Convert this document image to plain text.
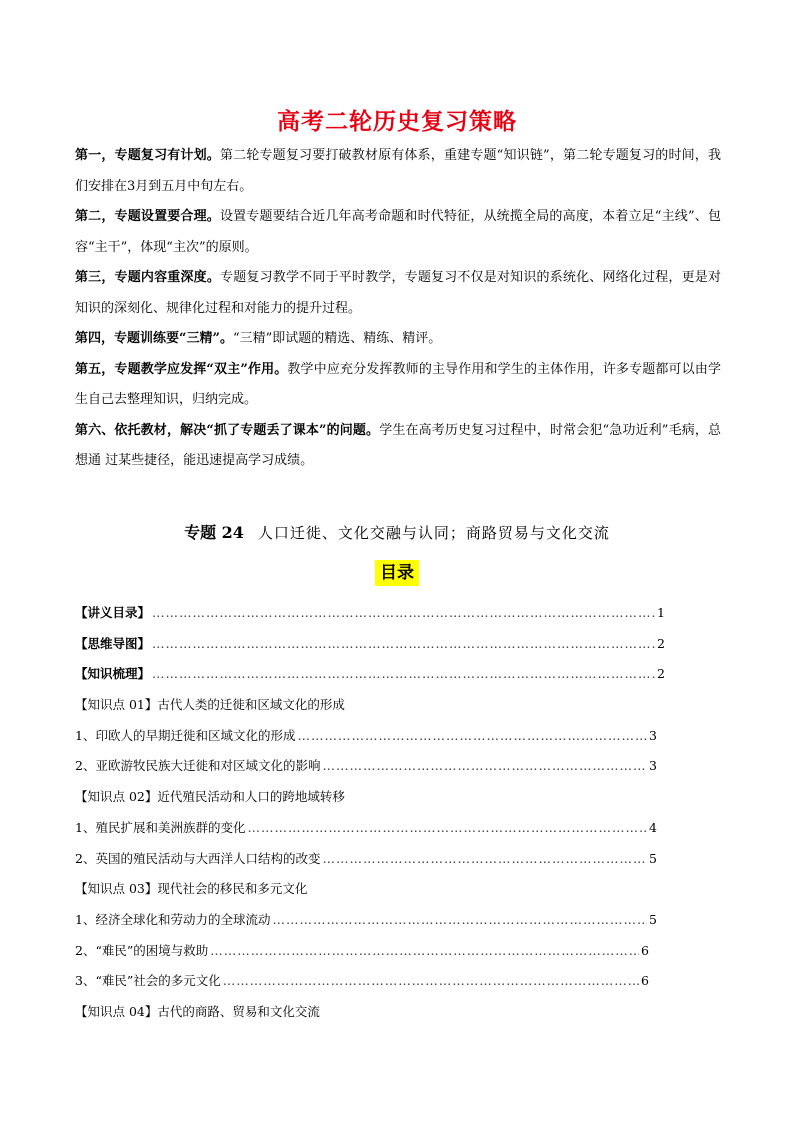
高考二轮历史复习策略

第一，专题复习有计划。第二轮专题复习要打破教材原有体系，重建专题“知识链”，第二轮专题复习的时间，我们安排在3月到五月中旬左右。

第二，专题设置要合理。设置专题要结合近几年高考命题和时代特征，从统揽全局的高度，本着立足“主线”、包容“主干”，体现“主次”的原则。

第三，专题内容重深度。专题复习教学不同于平时教学，专题复习不仅是对知识的系统化、网络化过程，更是对知识的深刻化、规律化过程和对能力的提升过程。

第四，专题训练要“三精”。“三精”即试题的精选、精练、精评。

第五，专题教学应发挥“双主”作用。教学中应充分发挥教师的主导作用和学生的主体作用，许多专题都可以由学生自己去整理知识，归纳完成。

第六、依托教材，解决“抓了专题丢了课本”的问题。学生在高考历史复习过程中，时常会犯“急功近利”毛病，总想通 过某些捷径，能迅速提高学习成绩。

专题 24 人口迁徙、文化交融与认同；商路贸易与文化交流
目录
【讲义目录】 ……………………………………………………………………………………………………………………………………………………………………………………………………	1
【思维导图】 ……………………………………………………………………………………………………………………………………………………………………………………………………	2
【知识梳理】 ……………………………………………………………………………………………………………………………………………………………………………………………………	2
【知识点 01】古代人类的迁徙和区域文化的形成
1、印欧人的早期迁徙和区域文化的形成 ……………………………………………………………………………………………………………………………………………………………………………………………………	3
2、亚欧游牧民族大迁徙和对区域文化的影响 ……………………………………………………………………………………………………………………………………………………………………………………………………	3
【知识点 02】近代殖民活动和人口的跨地域转移
1、殖民扩展和美洲族群的变化 ……………………………………………………………………………………………………………………………………………………………………………………………………	4
2、英国的殖民活动与大西洋人口结构的改变 ……………………………………………………………………………………………………………………………………………………………………………………………………	5
【知识点 03】现代社会的移民和多元文化
1、经济全球化和劳动力的全球流动 ……………………………………………………………………………………………………………………………………………………………………………………………………	5
2、“难民”的困境与救助 ……………………………………………………………………………………………………………………………………………………………………………………………………	6
3、“难民”社会的多元文化 ……………………………………………………………………………………………………………………………………………………………………………………………………	6
【知识点 04】古代的商路、贸易和文化交流
